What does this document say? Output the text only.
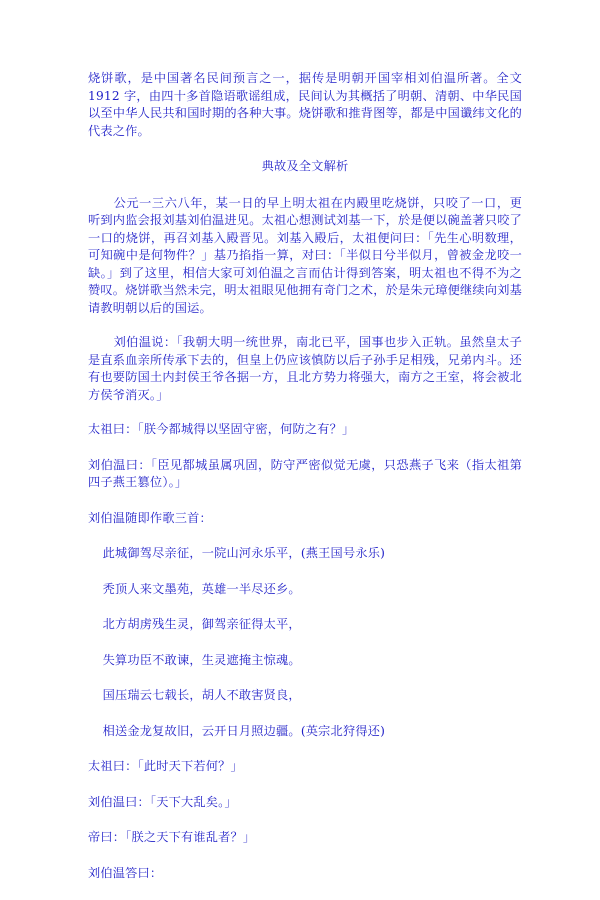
烧饼歌，是中国著名民间预言之一，据传是明朝开国宰相刘伯温所著。全文 1912 字，由四十多首隐语歌谣组成，民间认为其概括了明朝、清朝、中华民国以至中华人民共和国时期的各种大事。烧饼歌和推背图等，都是中国谶纬文化的代表之作。

典故及全文解析

公元一三六八年，某一日的早上明太祖在内殿里吃烧饼，只咬了一口，更听到内监会报刘基刘伯温进见。太祖心想测试刘基一下，於是便以碗盖著只咬了一口的烧饼，再召刘基入殿晋见。刘基入殿后，太祖便问曰：「先生心明数理，可知碗中是何物件？」基乃掐指一算，对曰：「半似日兮半似月，曾被金龙咬一缺。」到了这里，相信大家可刘伯温之言而估计得到答案，明太祖也不得不为之赞叹。烧饼歌当然未完，明太祖眼见他拥有奇门之术，於是朱元璋便继续向刘基请教明朝以后的国运。

刘伯温说：「我朝大明一统世界，南北已平，国事也步入正轨。虽然皇太子是直系血亲所传承下去的，但皇上仍应该慎防以后子孙手足相残，兄弟内斗。还有也要防国土内封侯王爷各据一方，且北方势力将强大，南方之王室，将会被北方侯爷消灭。」

太祖曰：「朕今都城得以坚固守密，何防之有？」

刘伯温曰：「臣见都城虽属巩固，防守严密似觉无虞，只恐燕子飞来（指太祖第四子燕王篡位）。」

刘伯温随即作歌三首：

此城御驾尽亲征，一院山河永乐平，(燕王国号永乐)

秃顶人来文墨苑，英雄一半尽还乡。

北方胡虏残生灵，御驾亲征得太平，

失算功臣不敢谏，生灵遮掩主惊魂。

国压瑞云七载长，胡人不敢害贤良，

相送金龙复故旧，云开日月照边疆。(英宗北狩得还)

太祖曰：「此时天下若何？」

刘伯温曰：「天下大乱矣。」

帝曰：「朕之天下有谁乱者？」

刘伯温答曰：
